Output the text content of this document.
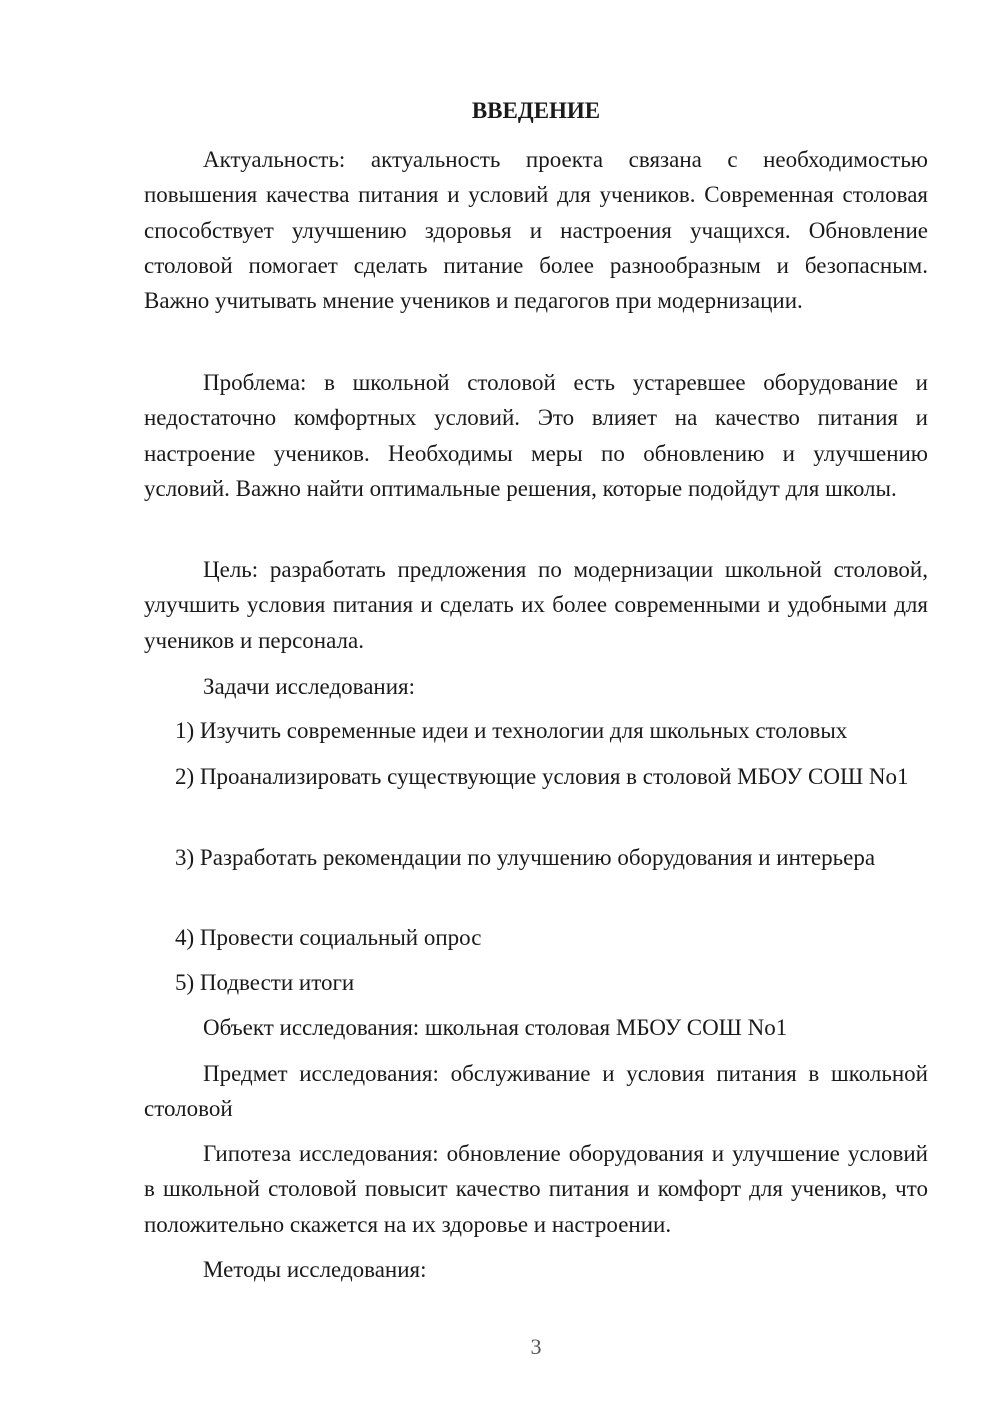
ВВЕДЕНИЕ

Актуальность: актуальность проекта связана с необходимостью повышения качества питания и условий для учеников. Современная столовая способствует улучшению здоровья и настроения учащихся. Обновление столовой помогает сделать питание более разнообразным и безопасным. Важно учитывать мнение учеников и педагогов при модернизации.

Проблема: в школьной столовой есть устаревшее оборудование и недостаточно комфортных условий. Это влияет на качество питания и настроение учеников. Необходимы меры по обновлению и улучшению условий. Важно найти оптимальные решения, которые подойдут для школы.

Цель: разработать предложения по модернизации школьной столовой, улучшить условия питания и сделать их более современными и удобными для учеников и персонала.

Задачи исследования:

1) Изучить современные идеи и технологии для школьных столовых

2) Проанализировать существующие условия в столовой МБОУ СОШ No1

3) Разработать рекомендации по улучшению оборудования и интерьера

4) Провести социальный опрос

5) Подвести итоги

Объект исследования: школьная столовая МБОУ СОШ No1

Предмет исследования: обслуживание и условия питания в школьной столовой

Гипотеза исследования: обновление оборудования и улучшение условий в школьной столовой повысит качество питания и комфорт для учеников, что положительно скажется на их здоровье и настроении.

Методы исследования:

3
